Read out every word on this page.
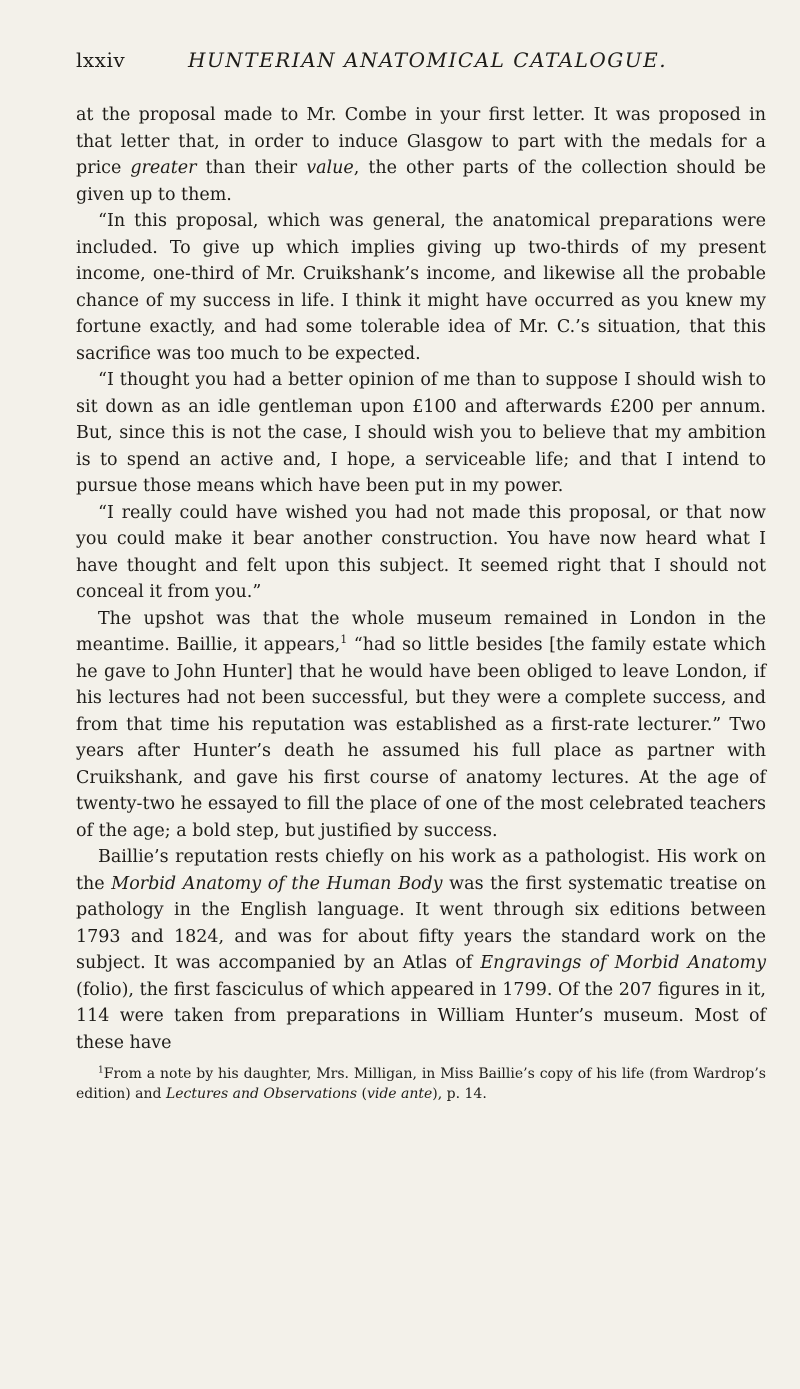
lxxiv	HUNTERIAN ANATOMICAL CATALOGUE.

at the proposal made to Mr. Combe in your first letter. It was proposed in that letter that, in order to induce Glasgow to part with the medals for a price greater than their value, the other parts of the collection should be given up to them.

“In this proposal, which was general, the anatomical preparations were included. To give up which implies giving up two-thirds of my present income, one-third of Mr. Cruikshank’s income, and likewise all the probable chance of my success in life. I think it might have occurred as you knew my fortune exactly, and had some tolerable idea of Mr. C.’s situation, that this sacrifice was too much to be expected.

“I thought you had a better opinion of me than to suppose I should wish to sit down as an idle gentleman upon £100 and afterwards £200 per annum. But, since this is not the case, I should wish you to believe that my ambition is to spend an active and, I hope, a serviceable life; and that I intend to pursue those means which have been put in my power.

“I really could have wished you had not made this proposal, or that now you could make it bear another construction. You have now heard what I have thought and felt upon this subject. It seemed right that I should not conceal it from you.”

The upshot was that the whole museum remained in London in the meantime. Baillie, it appears,$^1$ “had so little besides [the family estate which he gave to John Hunter] that he would have been obliged to leave London, if his lectures had not been successful, but they were a complete success, and from that time his reputation was established as a first-rate lecturer.” Two years after Hunter’s death he assumed his full place as partner with Cruikshank, and gave his first course of anatomy lectures. At the age of twenty-two he essayed to fill the place of one of the most celebrated teachers of the age; a bold step, but justified by success.

Baillie’s reputation rests chiefly on his work as a pathologist. His work on the Morbid Anatomy of the Human Body was the first systematic treatise on pathology in the English language. It went through six editions between 1793 and 1824, and was for about fifty years the standard work on the subject. It was accompanied by an Atlas of Engravings of Morbid Anatomy (folio), the first fasciculus of which appeared in 1799. Of the 207 figures in it, 114 were taken from preparations in William Hunter’s museum. Most of these have

$^1$From a note by his daughter, Mrs. Milligan, in Miss Baillie’s copy of his life (from Wardrop’s edition) and Lectures and Observations (vide ante), p. 14.
